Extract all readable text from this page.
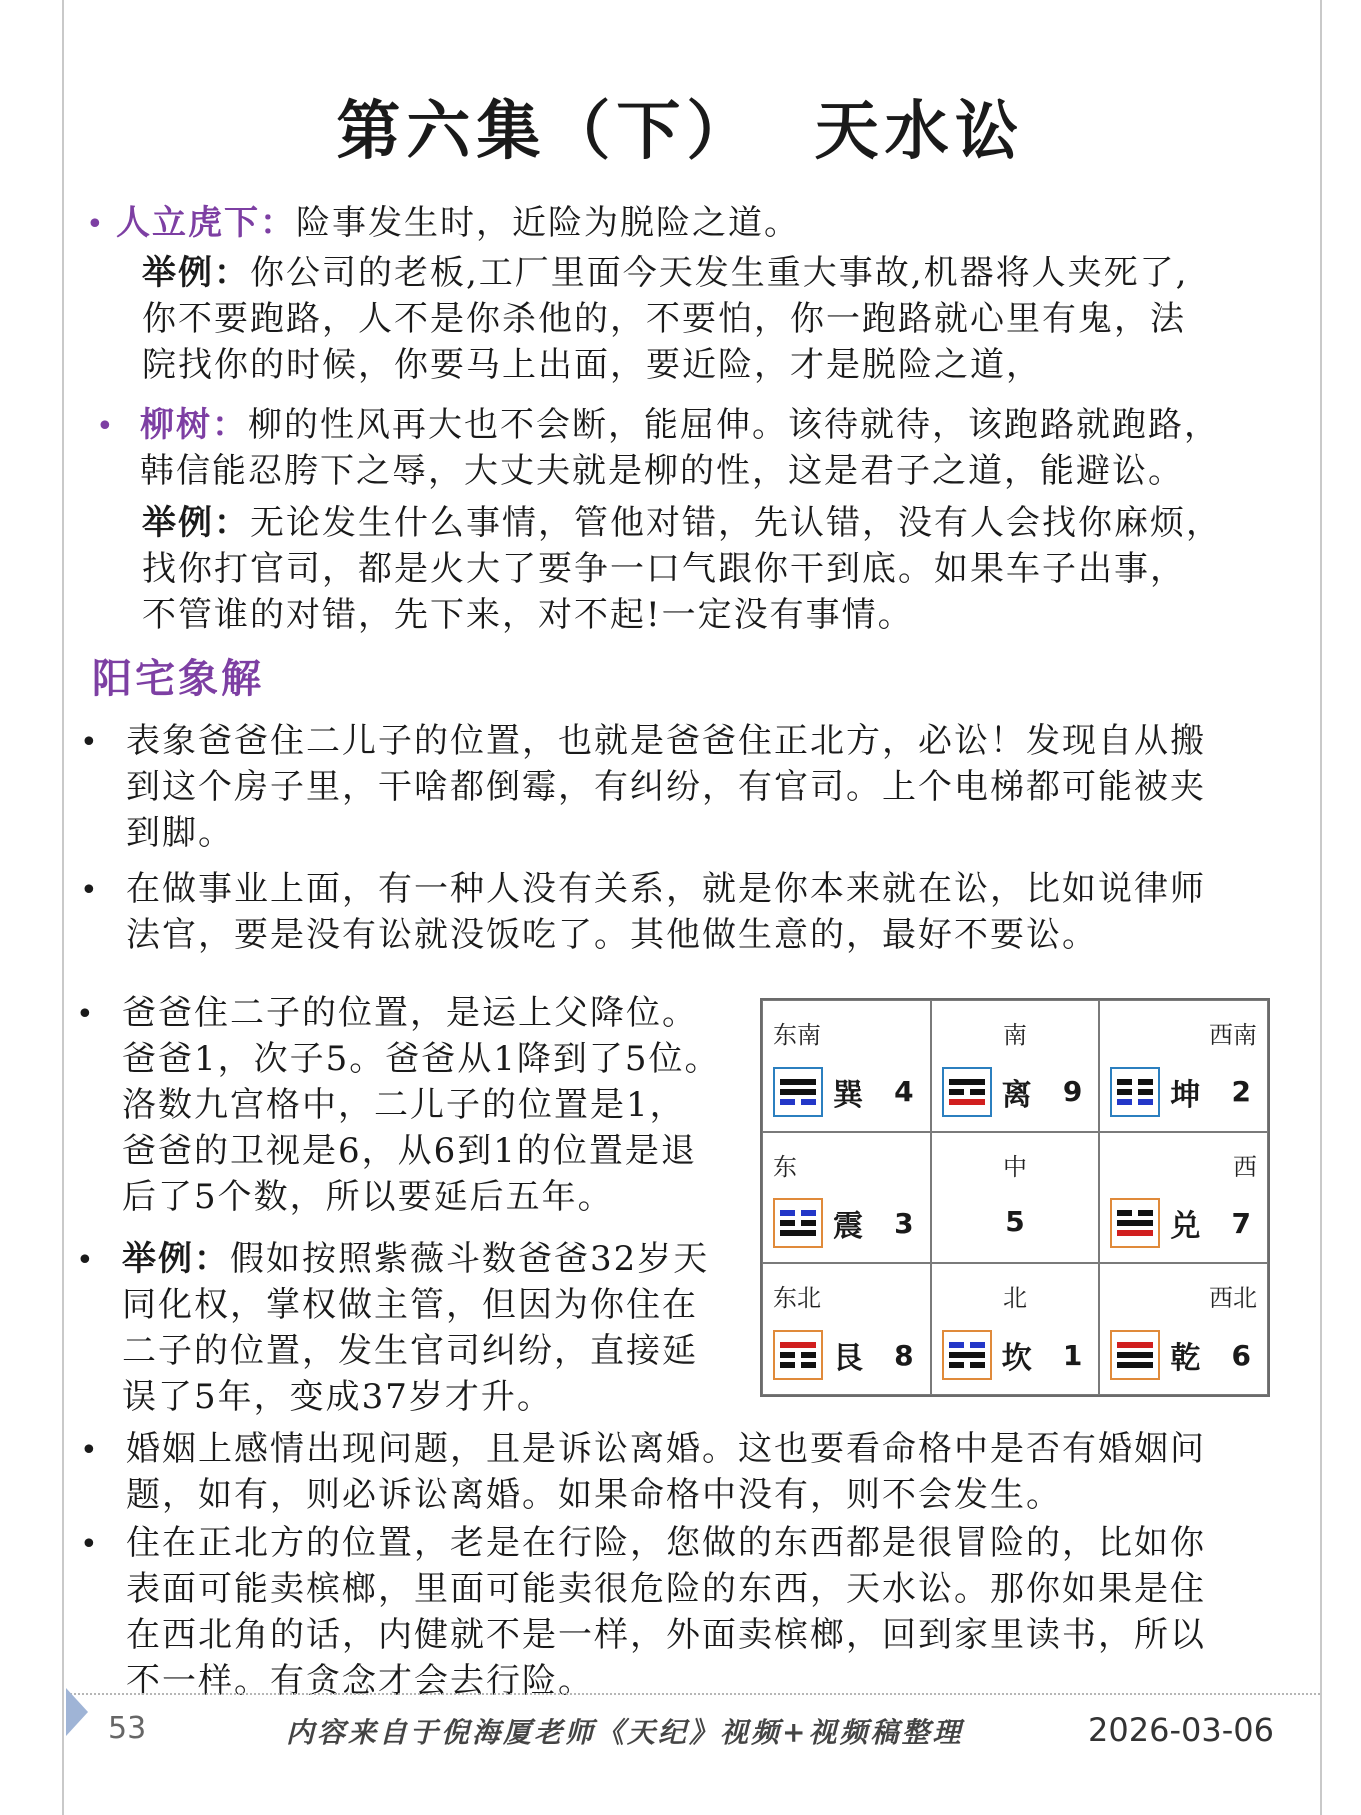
第六集（下） 天水讼
• 人立虎下：险事发生时，近险为脱险之道。
举例：你公司的老板,工厂里面今天发生重大事故,机器将人夹死了,
你不要跑路，人不是你杀他的，不要怕，你一跑路就心里有鬼，法
院找你的时候，你要马上出面，要近险，才是脱险之道，
• 柳树：柳的性风再大也不会断，能屈伸。该待就待，该跑路就跑路，
韩信能忍胯下之辱，大丈夫就是柳的性，这是君子之道，能避讼。
举例：无论发生什么事情，管他对错，先认错，没有人会找你麻烦，
找你打官司，都是火大了要争一口气跟你干到底。如果车子出事，
不管谁的对错，先下来，对不起!一定没有事情。
阳宅象解
• 表象爸爸住二儿子的位置，也就是爸爸住正北方，必讼！发现自从搬
到这个房子里，干啥都倒霉，有纠纷，有官司。上个电梯都可能被夹
到脚。
• 在做事业上面，有一种人没有关系，就是你本来就在讼，比如说律师
法官，要是没有讼就没饭吃了。其他做生意的，最好不要讼。
• 爸爸住二子的位置，是运上父降位。
爸爸1，次子5。爸爸从1降到了5位。
洛数九宫格中，二儿子的位置是1，
爸爸的卫视是6，从6到1的位置是退
后了5个数，所以要延后五年。
• 举例：假如按照紫薇斗数爸爸32岁天
同化权，掌权做主管，但因为你住在
二子的位置，发生官司纠纷，直接延
误了5年，变成37岁才升。
东南
巽 4
南
离 9
西南
坤 2
东
震 3
中
5
西
兑 7
东北
艮 8
北
坎 1
西北
乾 6
• 婚姻上感情出现问题，且是诉讼离婚。这也要看命格中是否有婚姻问
题，如有，则必诉讼离婚。如果命格中没有，则不会发生。
• 住在正北方的位置，老是在行险，您做的东西都是很冒险的，比如你
表面可能卖槟榔，里面可能卖很危险的东西，天水讼。那你如果是住
在西北角的话，内健就不是一样，外面卖槟榔，回到家里读书，所以
不一样。有贪念才会去行险。
53	内容来自于倪海厦老师《天纪》视频+视频稿整理	2026-03-06
